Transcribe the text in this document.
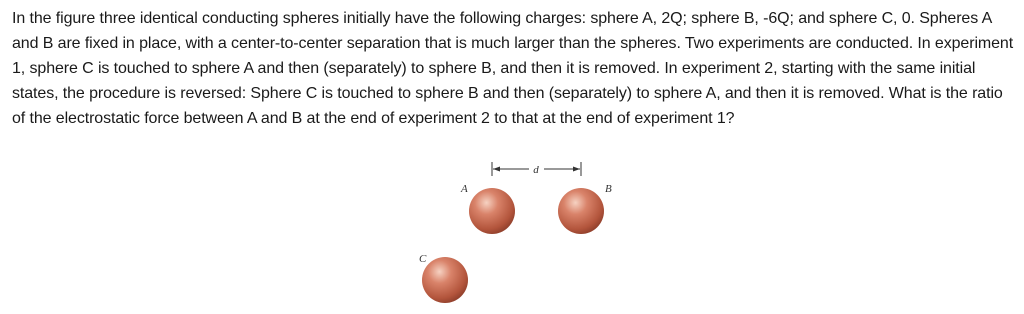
In the figure three identical conducting spheres initially have the following charges: sphere A, 2Q; sphere B, -6Q; and sphere C, 0. Spheres A and B are fixed in place, with a center-to-center separation that is much larger than the spheres. Two experiments are conducted. In experiment 1, sphere C is touched to sphere A and then (separately) to sphere B, and then it is removed. In experiment 2, starting with the same initial states, the procedure is reversed: Sphere C is touched to sphere B and then (separately) to sphere A, and then it is removed. What is the ratio of the electrostatic force between A and B at the end of experiment 2 to that at the end of experiment 1?

d
A	B
C
